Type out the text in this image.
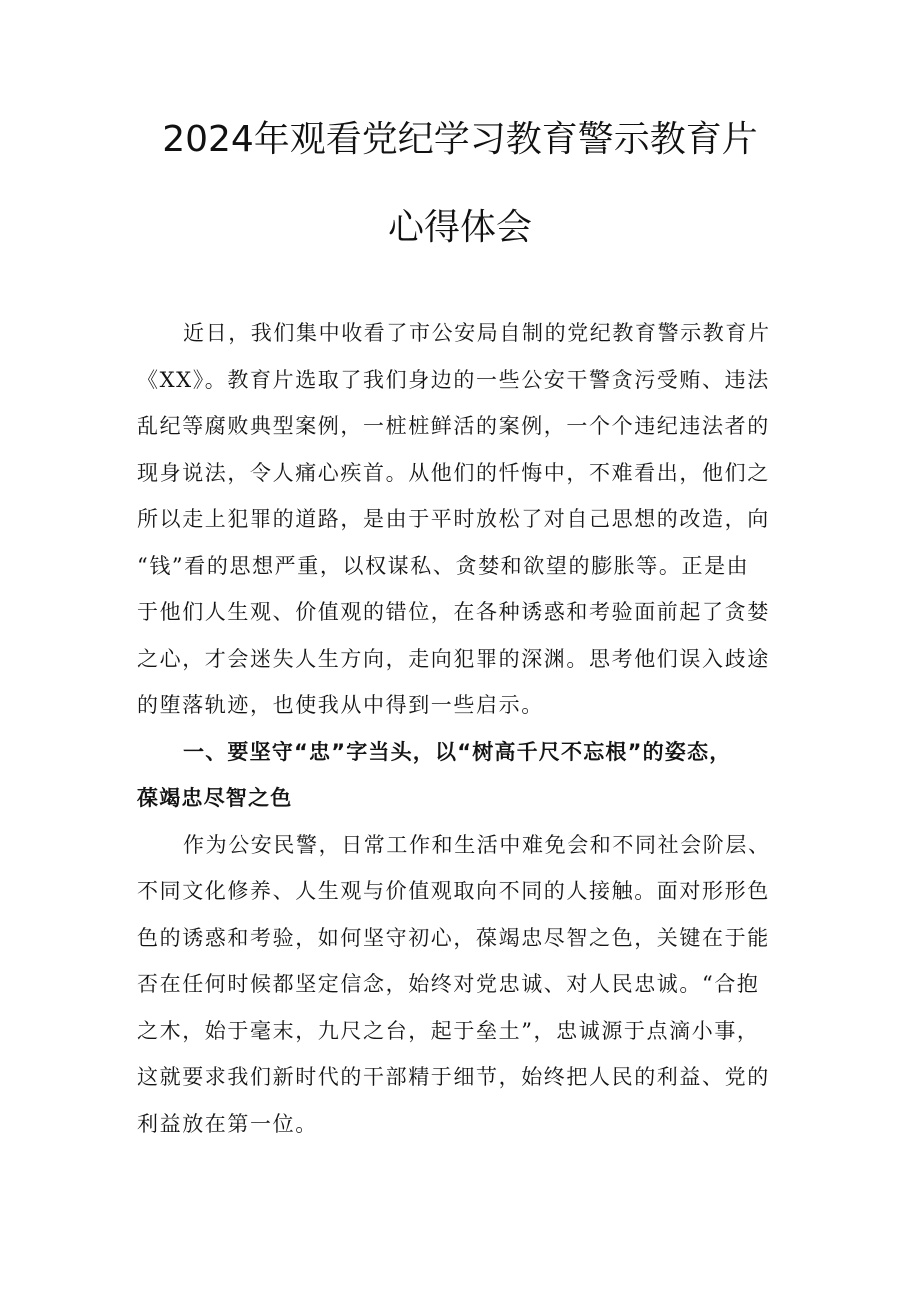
2024年观看党纪学习教育警示教育片
心得体会
近日，我们集中收看了市公安局自制的党纪教育警示教育片
《XX》。教育片选取了我们身边的一些公安干警贪污受贿、违法
乱纪等腐败典型案例，一桩桩鲜活的案例，一个个违纪违法者的
现身说法，令人痛心疾首。从他们的忏悔中，不难看出，他们之
所以走上犯罪的道路，是由于平时放松了对自己思想的改造，向
“钱”看的思想严重，以权谋私、贪婪和欲望的膨胀等。正是由
于他们人生观、价值观的错位，在各种诱惑和考验面前起了贪婪
之心，才会迷失人生方向，走向犯罪的深渊。思考他们误入歧途
的堕落轨迹，也使我从中得到一些启示。
一、要坚守“忠”字当头，以“树高千尺不忘根”的姿态，
葆竭忠尽智之色
作为公安民警，日常工作和生活中难免会和不同社会阶层、
不同文化修养、人生观与价值观取向不同的人接触。面对形形色
色的诱惑和考验，如何坚守初心，葆竭忠尽智之色，关键在于能
否在任何时候都坚定信念，始终对党忠诚、对人民忠诚。“合抱
之木，始于毫末，九尺之台，起于垒土”，忠诚源于点滴小事，
这就要求我们新时代的干部精于细节，始终把人民的利益、党的
利益放在第一位。
